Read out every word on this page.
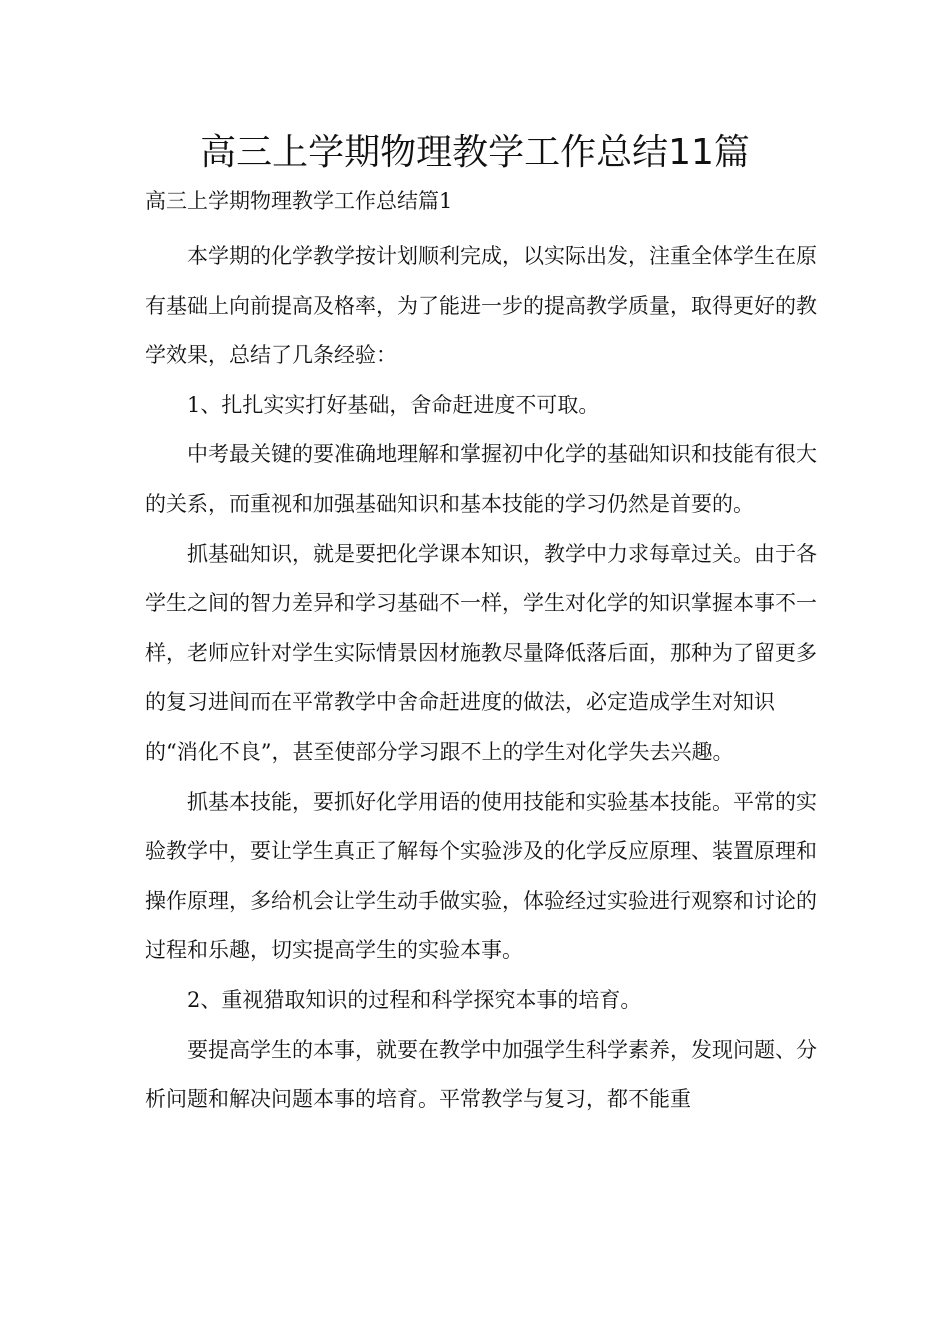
高三上学期物理教学工作总结11篇
高三上学期物理教学工作总结篇1

本学期的化学教学按计划顺利完成，以实际出发，注重全体学生在原有基础上向前提高及格率，为了能进一步的提高教学质量，取得更好的教学效果，总结了几条经验：

1、扎扎实实打好基础，舍命赶进度不可取。

中考最关键的要准确地理解和掌握初中化学的基础知识和技能有很大的关系，而重视和加强基础知识和基本技能的学习仍然是首要的。

抓基础知识，就是要把化学课本知识，教学中力求每章过关。由于各学生之间的智力差异和学习基础不一样，学生对化学的知识掌握本事不一样，老师应针对学生实际情景因材施教尽量降低落后面，那种为了留更多的复习进间而在平常教学中舍命赶进度的做法，必定造成学生对知识的“消化不良”，甚至使部分学习跟不上的学生对化学失去兴趣。

抓基本技能，要抓好化学用语的使用技能和实验基本技能。平常的实验教学中，要让学生真正了解每个实验涉及的化学反应原理、装置原理和操作原理，多给机会让学生动手做实验，体验经过实验进行观察和讨论的过程和乐趣，切实提高学生的实验本事。

2、重视猎取知识的过程和科学探究本事的培育。

要提高学生的本事，就要在教学中加强学生科学素养，发现问题、分析问题和解决问题本事的培育。平常教学与复习，都不能重
